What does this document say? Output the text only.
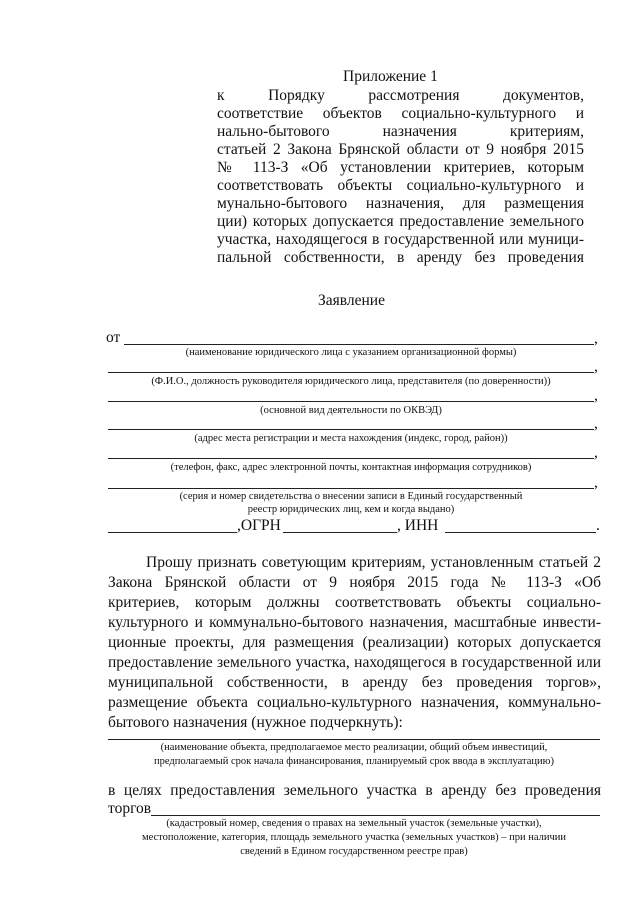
Приложение 1
к Порядку рассмотрения документов,
соответствие объектов социально-культурного и
нально-бытового назначения критериям,
статьей 2 Закона Брянской области от 9 ноября 2015
№ 113-З «Об установлении критериев, которым
соответствовать объекты социально-культурного и
мунально-бытового назначения, для размещения
ции) которых допускается предоставление земельного
участка, находящегося в государственной или муници-
пальной собственности, в аренду без проведения
Заявление
от	,
(наименование юридического лица с указанием организационной формы)
,
(Ф.И.О., должность руководителя юридического лица, представителя (по доверенности))
,
(основной вид деятельности по ОКВЭД)
,
(адрес места регистрации и места нахождения (индекс, город, район))
,
(телефон, факс, адрес электронной почты, контактная информация сотрудников)
,
(серия и номер свидетельства о внесении записи в Единый государственный
реестр юридических лиц, кем и когда выдано)
,ОГРН	, ИНН	.
Прошу признать советующим критериям, установленным статьей 2
Закона Брянской области от 9 ноября 2015 года № 113-З «Об
критериев, которым должны соответствовать объекты социально-
культурного и коммунально-бытового назначения, масштабные инвести-
ционные проекты, для размещения (реализации) которых допускается
предоставление земельного участка, находящегося в государственной или
муниципальной собственности, в аренду без проведения торгов»,
размещение объекта социально-культурного назначения, коммунально-
бытового назначения (нужное подчеркнуть):
(наименование объекта, предполагаемое место реализации, общий объем инвестиций,
предполагаемый срок начала финансирования, планируемый срок ввода в эксплуатацию)
в целях предоставления земельного участка в аренду без проведения
торгов
(кадастровый номер, сведения о правах на земельный участок (земельные участки),
местоположение, категория, площадь земельного участка (земельных участков) – при наличии
сведений в Едином государственном реестре прав)
